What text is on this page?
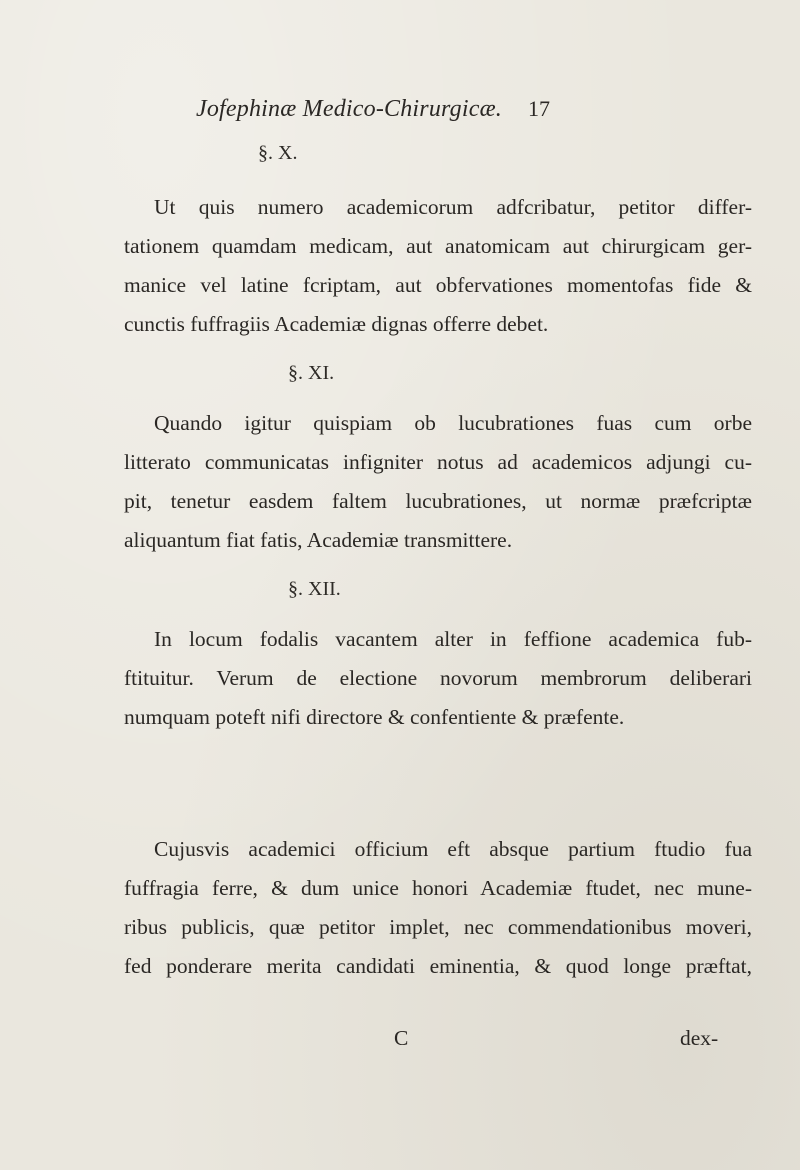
Jofephinæ Medico-Chirurgicæ. 17
§. X.
Ut quis numero academicorum adfcribatur, petitor differ-
tationem quamdam medicam, aut anatomicam aut chirurgicam ger-
manice vel latine fcriptam, aut obfervationes momentofas fide &
cunctis fuffragiis Academiæ dignas offerre debet.
§. XI.
Quando igitur quispiam ob lucubrationes fuas cum orbe
litterato communicatas infigniter notus ad academicos adjungi cu-
pit, tenetur easdem faltem lucubrationes, ut normæ præfcriptæ
aliquantum fiat fatis, Academiæ transmittere.
§. XII.
In locum fodalis vacantem alter in feffione academica fub-
ftituitur. Verum de electione novorum membrorum deliberari
numquam poteft nifi directore & confentiente & præfente.
Cujusvis academici officium eft absque partium ftudio fua
fuffragia ferre, & dum unice honori Academiæ ftudet, nec mune-
ribus publicis, quæ petitor implet, nec commendationibus moveri,
fed ponderare merita candidati eminentia, & quod longe præftat,
C	dex-
